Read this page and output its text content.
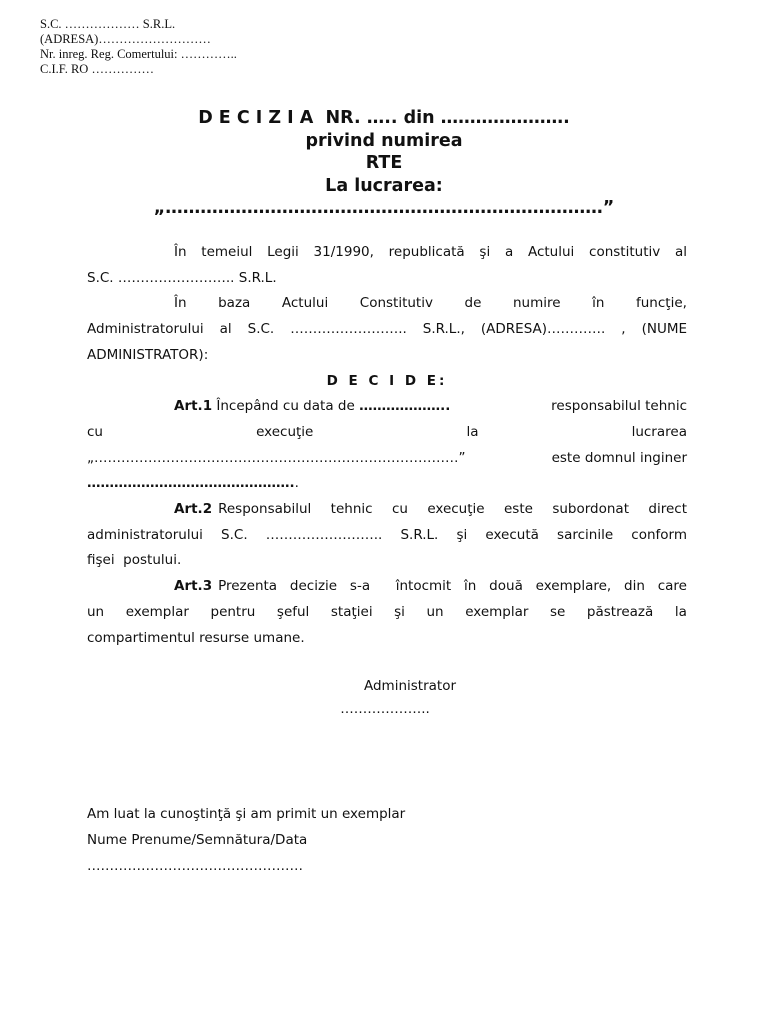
S.C. ……………… S.R.L.
(ADRESA)………………………
Nr. inreg. Reg. Comertului: …………..
C.I.F. RO ……………
D E C I Z I A  NR. ….. din ………………….
privind numirea
RTE
La lucrarea:
„…………………………………………………………………”
În temeiul Legii 31/1990, republicată şi a Actului constitutiv al
S.C. …………………….. S.R.L.
În baza Actului Constitutiv de numire în funcţie,
Administratorului al S.C. …………………….. S.R.L., (ADRESA)…………. , (NUME
ADMINISTRATOR):
D E C I D E:
Art.1
Începând cu data de
………………..	responsabilul tehnic
cu	execuţie	la	lucrarea
„………………………………………………………………………”	este domnul inginer
………………………………………..
Art.2 Responsabilul tehnic cu execuţie este subordonat direct
administratorului S.C. …………………….. S.R.L. şi execută sarcinile conform
fişei  postului.
Art.3 Prezenta decizie s-a  întocmit în două exemplare, din care
un exemplar pentru şeful staţiei şi un exemplar se păstrează la
compartimentul resurse umane.
Administrator
………………..
Am luat la cunoştinţă şi am primit un exemplar
Nume Prenume/Semnătura/Data
…………………………………………
